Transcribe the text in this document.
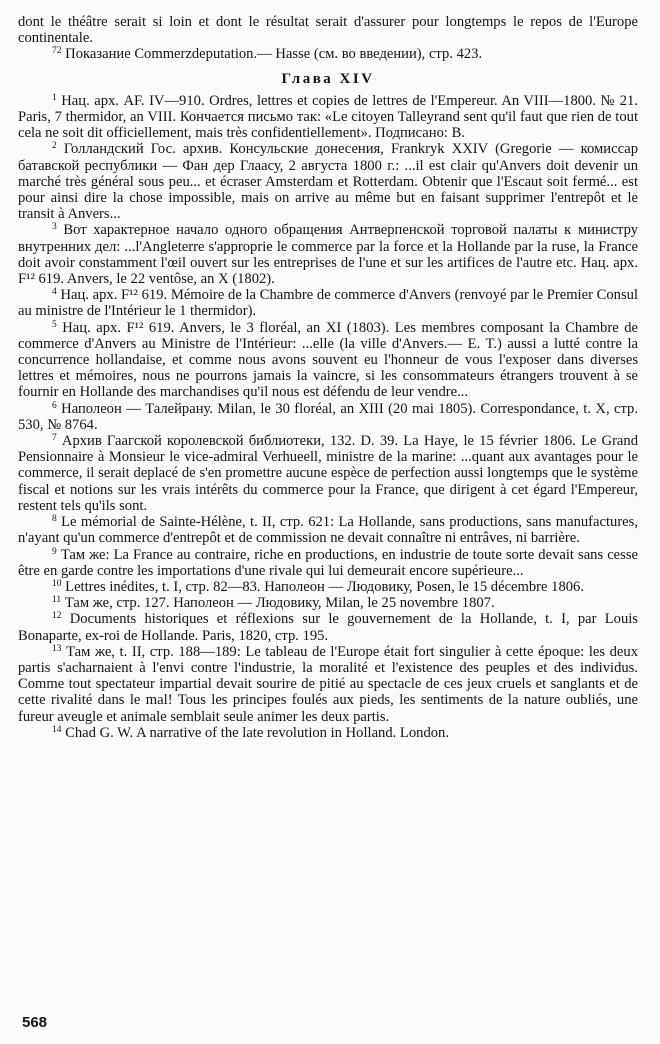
dont le théâtre serait si loin et dont le résultat serait d'assurer pour longtemps le repos de l'Europe continentale.

$^{72}$ Показание Commerzdeputation.— Hasse (см. во введении), стр. 423.

Глава XIV

$^1$ Нац. арх. AF. IV—910. Ordres, lettres et copies de lettres de l'Empereur. An VIII—1800. № 21. Paris, 7 thermidor, an VIII. Кончается письмо так: «Le citoyen Talleyrand sent qu'il faut que rien de tout cela ne soit dit officiellement, mais très confidentiellement». Подписано: B.

$^2$ Голландский Гос. архив. Консульские донесения, Frankryk XXIV (Gregorie — комиссар батавской республики — Фан дер Глаасу, 2 августа 1800 г.: ...il est clair qu'Anvers doit devenir un marché très général sous peu... et écraser Amsterdam et Rotterdam. Obtenir que l'Escaut soit fermé... est pour ainsi dire la chose impossible, mais on arrive au même but en faisant supprimer l'entrepôt et le transit à Anvers...

$^3$ Вот характерное начало одного обращения Антверпенской торговой палаты к министру внутренних дел: ...l'Angleterre s'approprie le commerce par la force et la Hollande par la ruse, la France doit avoir constamment l'œil ouvert sur les entreprises de l'une et sur les artifices de l'autre etc. Нац. арх. F¹² 619. Anvers, le 22 ventôse, an X (1802).

$^4$ Нац. арх. F¹² 619. Mémoire de la Chambre de commerce d'Anvers (renvoyé par le Premier Consul au ministre de l'Intérieur le 1 thermidor).

$^5$ Нац. арх. F¹² 619. Anvers, le 3 floréal, an XI (1803). Les membres composant la Chambre de commerce d'Anvers au Ministre de l'Intérieur: ...elle (la ville d'Anvers.— E. T.) aussi a lutté contre la concurrence hollandaise, et comme nous avons souvent eu l'honneur de vous l'exposer dans diverses lettres et mémoires, nous ne pourrons jamais la vaincre, si les consommateurs étrangers trouvent à se fournir en Hollande des marchandises qu'il nous est défendu de leur vendre...

$^6$ Наполеон — Талейрану. Milan, le 30 floréal, an XIII (20 mai 1805). Correspondance, t. X, стр. 530, № 8764.

$^7$ Архив Гаагской королевской библиотеки, 132. D. 39. La Haye, le 15 février 1806. Le Grand Pensionnaire à Monsieur le vice-admiral Verhueell, ministre de la marine: ...quant aux avantages pour le commerce, il serait deplacé de s'en promettre aucune espèce de perfection aussi longtemps que le système fiscal et notions sur les vrais intérêts du commerce pour la France, que dirigent à cet égard l'Empereur, restent tels qu'ils sont.

$^8$ Le mémorial de Sainte-Hélène, t. II, стр. 621: La Hollande, sans productions, sans manufactures, n'ayant qu'un commerce d'entrepôt et de commission ne devait connaître ni entrâves, ni barrière.

$^9$ Там же: La France au contraire, riche en productions, en industrie de toute sorte devait sans cesse être en garde contre les importations d'une rivale qui lui demeurait encore supérieure...

$^{10}$ Lettres inédites, t. I, стр. 82—83. Наполеон — Людовику, Posen, le 15 décembre 1806.

$^{11}$ Там же, стр. 127. Наполеон — Людовику, Milan, le 25 novembre 1807.

$^{12}$ Documents historiques et réflexions sur le gouvernement de la Hollande, t. I, par Louis Bonaparte, ex-roi de Hollande. Paris, 1820, стр. 195.

$^{13}$ Там же, t. II, стр. 188—189: Le tableau de l'Europe était fort singulier à cette époque: les deux partis s'acharnaient à l'envi contre l'industrie, la moralité et l'existence des peuples et des individus. Comme tout spectateur impartial devait sourire de pitié au spectacle de ces jeux cruels et sanglants et de cette rivalité dans le mal! Tous les principes foulés aux pieds, les sentiments de la nature oubliés, une fureur aveugle et animale semblait seule animer les deux partis.

$^{14}$ Chad G. W. A narrative of the late revolution in Holland. London.

568
